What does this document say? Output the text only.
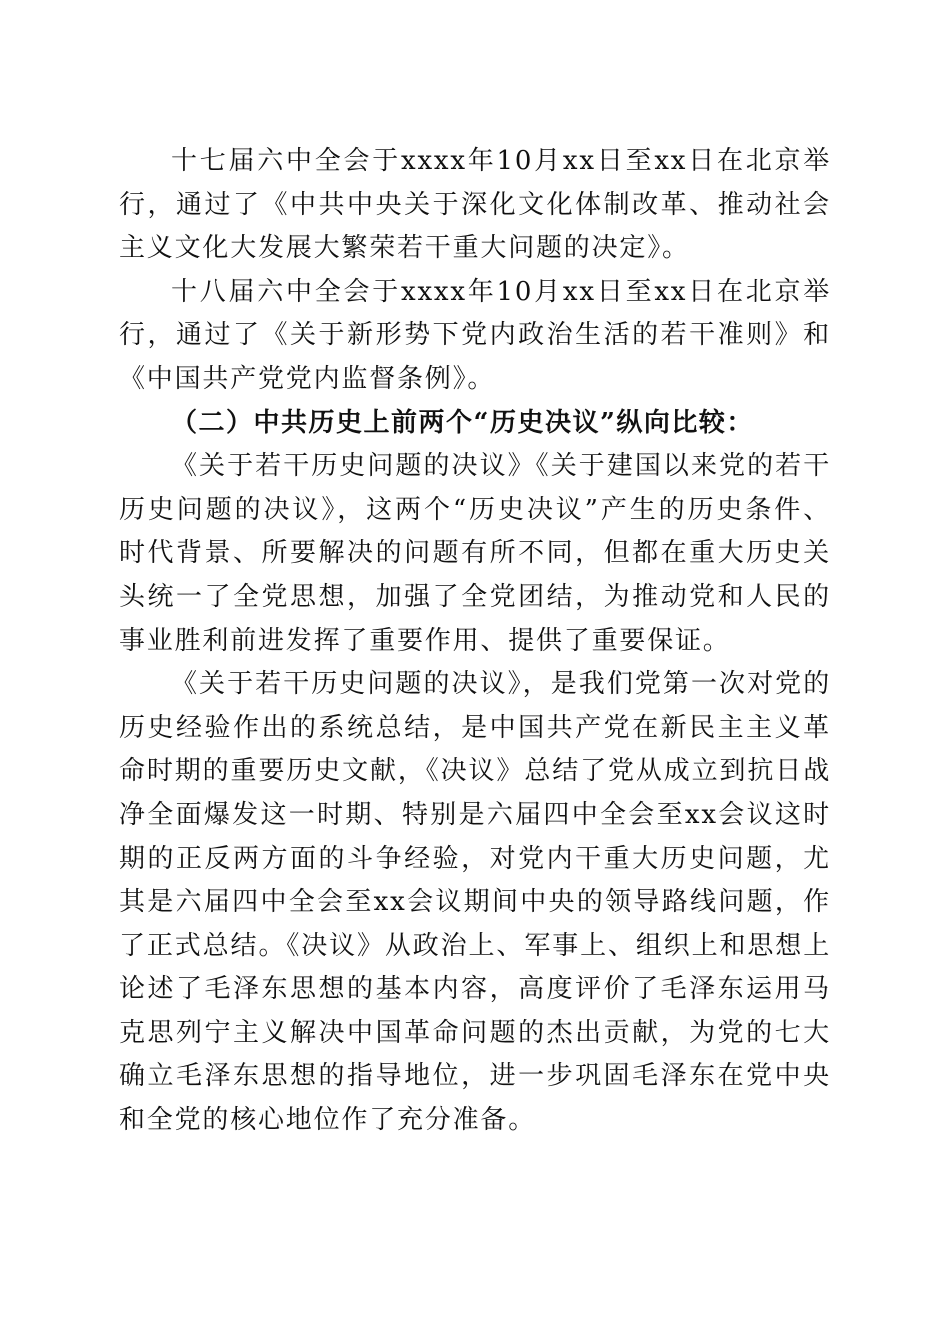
十七届六中全会于xxxx年10月xx日至xx日在北京举行，通过了《中共中央关于深化文化体制改革、推动社会主义文化大发展大繁荣若干重大问题的决定》。

十八届六中全会于xxxx年10月xx日至xx日在北京举行，通过了《关于新形势下党内政治生活的若干准则》和《中国共产党党内监督条例》。

（二）中共历史上前两个“历史决议”纵向比较：

《关于若干历史问题的决议》《关于建国以来党的若干历史问题的决议》，这两个“历史决议”产生的历史条件、时代背景、所要解决的问题有所不同，但都在重大历史关头统一了全党思想，加强了全党团结，为推动党和人民的事业胜利前进发挥了重要作用、提供了重要保证。

《关于若干历史问题的决议》，是我们党第一次对党的历史经验作出的系统总结，是中国共产党在新民主主义革命时期的重要历史文献，《决议》总结了党从成立到抗日战净全面爆发这一时期、特别是六届四中全会至xx会议这时期的正反两方面的斗争经验，对党内干重大历史问题，尤其是六届四中全会至xx会议期间中央的领导路线问题，作了正式总结。《决议》从政治上、军事上、组织上和思想上论述了毛泽东思想的基本内容，高度评价了毛泽东运用马克思列宁主义解决中国革命问题的杰出贡献，为党的七大确立毛泽东思想的指导地位，进一步巩固毛泽东在党中央和全党的核心地位作了充分准备。
